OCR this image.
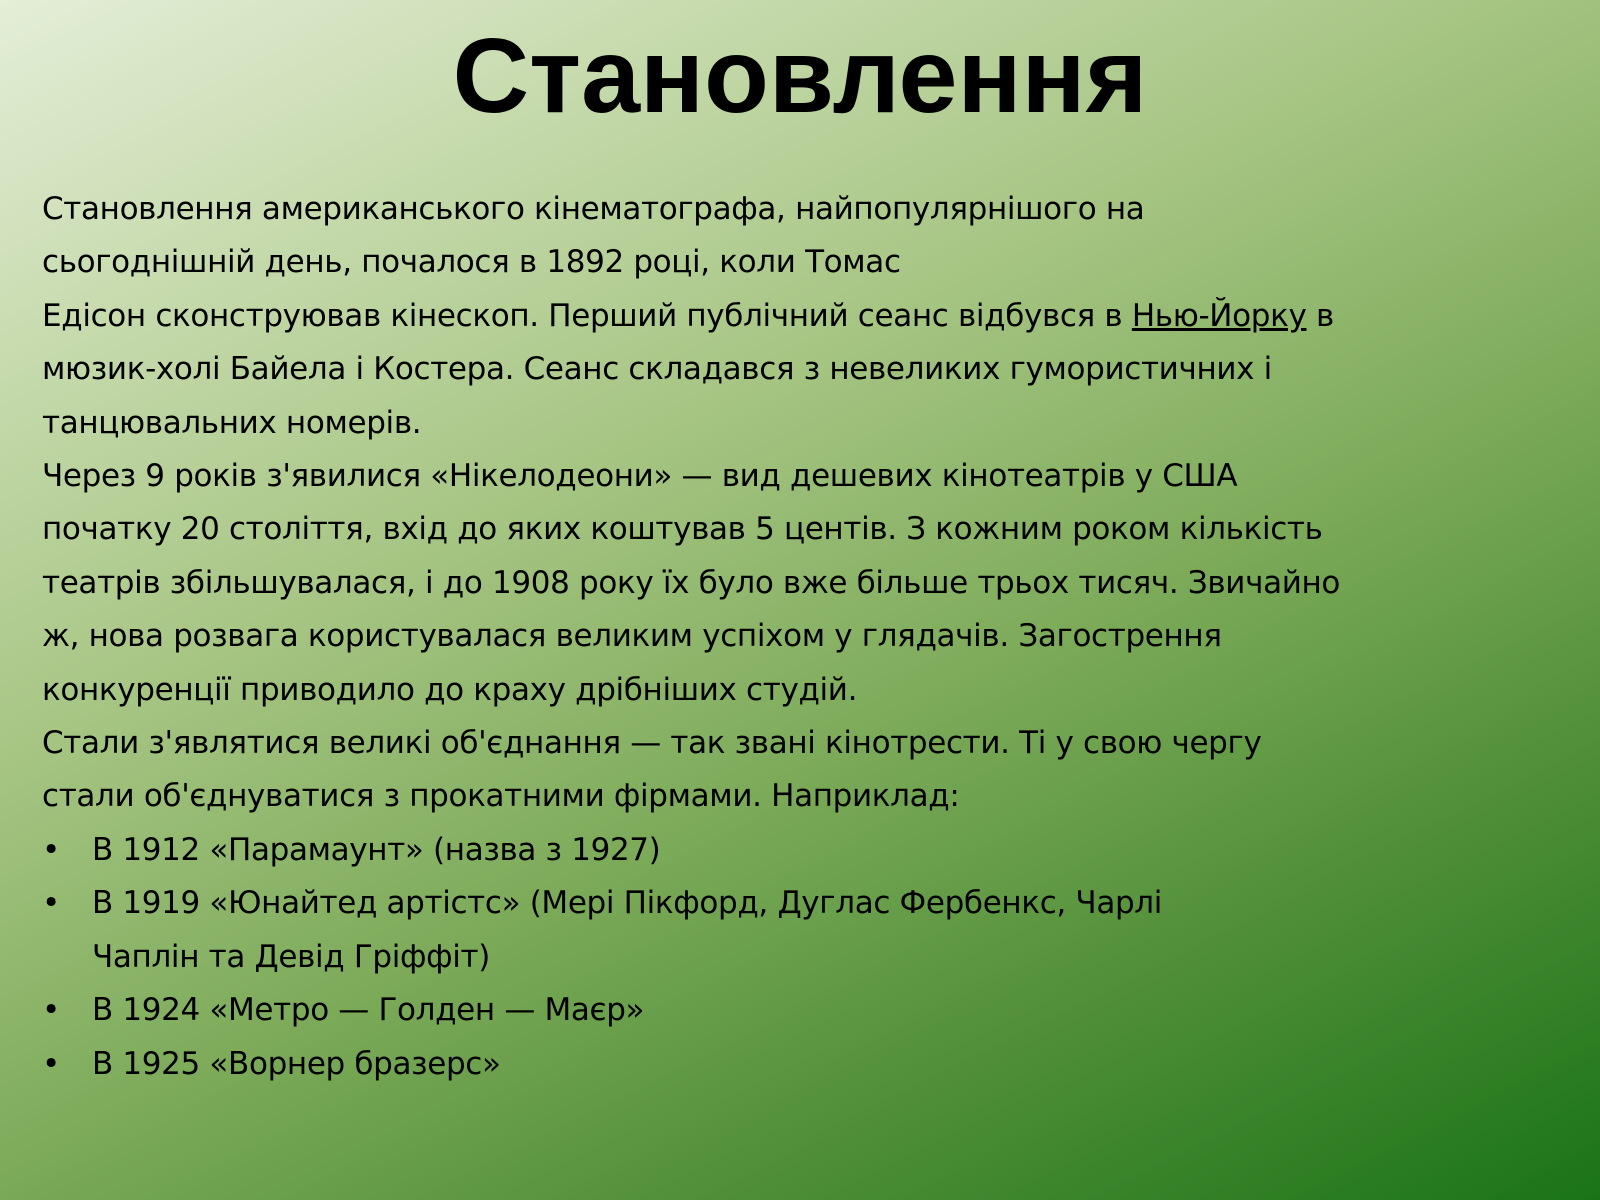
Становлення

Становлення американського кінематографа, найпопулярнішого на
сьогоднішній день, почалося в 1892 році, коли Томас
Едісон сконструював кінескоп. Перший публічний сеанс відбувся в Нью-Йорку в
мюзик-холі Байела і Костера. Сеанс складався з невеликих гумористичних і
танцювальних номерів.

Через 9 років з'явилися «Нікелодеони» — вид дешевих кінотеатрів у США
початку 20 століття, вхід до яких коштував 5 центів. З кожним роком кількість
театрів збільшувалася, і до 1908 року їх було вже більше трьох тисяч. Звичайно
ж, нова розвага користувалася великим успіхом у глядачів. Загострення
конкуренції приводило до краху дрібніших студій.

Стали з'являтися великі об'єднання — так звані кінотрести. Ті у свою чергу
стали об'єднуватися з прокатними фірмами. Наприклад:

• В 1912 «Парамаунт» (назва з 1927)
• В 1919 «Юнайтед артістс» (Мері Пікфорд, Дуглас Фербенкс, Чарлі
Чаплін та Девід Гріффіт)
• В 1924 «Метро — Голден — Маєр»
• В 1925 «Ворнер бразерс»
